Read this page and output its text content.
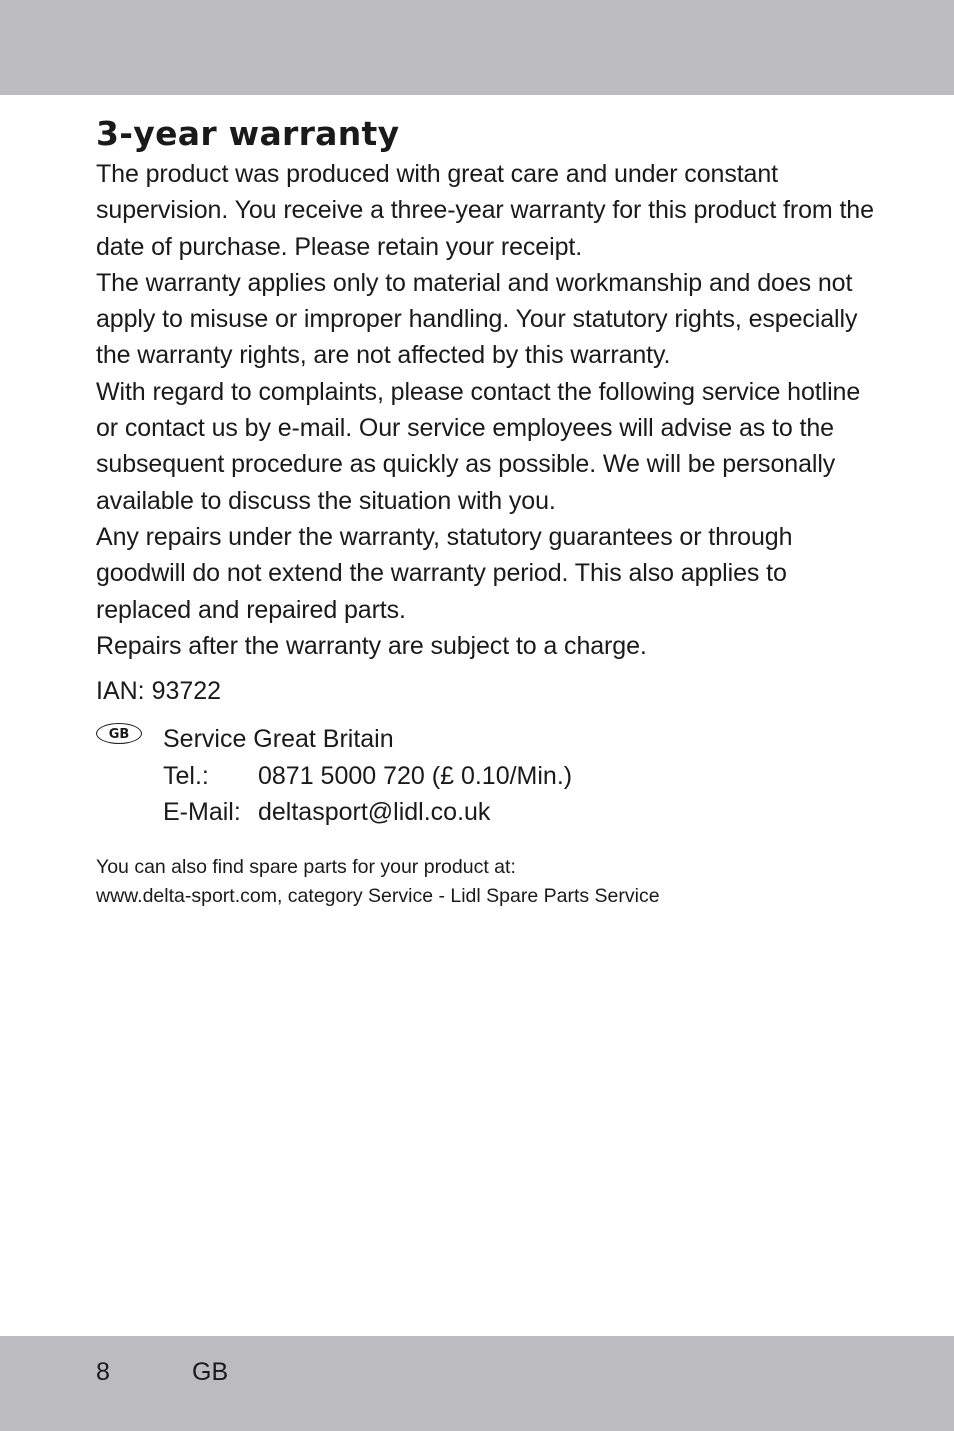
3-year warranty

The product was produced with great care and under constant supervision. You receive a three-year warranty for this product from the date of purchase. Please retain your receipt.

The warranty applies only to material and workmanship and does not apply to misuse or improper handling. Your statutory rights, especially the warranty rights, are not affected by this warranty.

With regard to complaints, please contact the following service hotline or contact us by e-mail. Our service employees will advise as to the subsequent procedure as quickly as possible. We will be personally available to discuss the situation with you.

Any repairs under the warranty, statutory guarantees or through goodwill do not extend the warranty period. This also applies to replaced and repaired parts.

Repairs after the warranty are subject to a charge.

IAN: 93722

GB	Service Great Britain
Tel.: 0871 5000 720 (£ 0.10/Min.)
E-Mail: deltasport@lidl.co.uk
You can also find spare parts for your product at:
www.delta-sport.com, category Service - Lidl Spare Parts Service
8	GB
